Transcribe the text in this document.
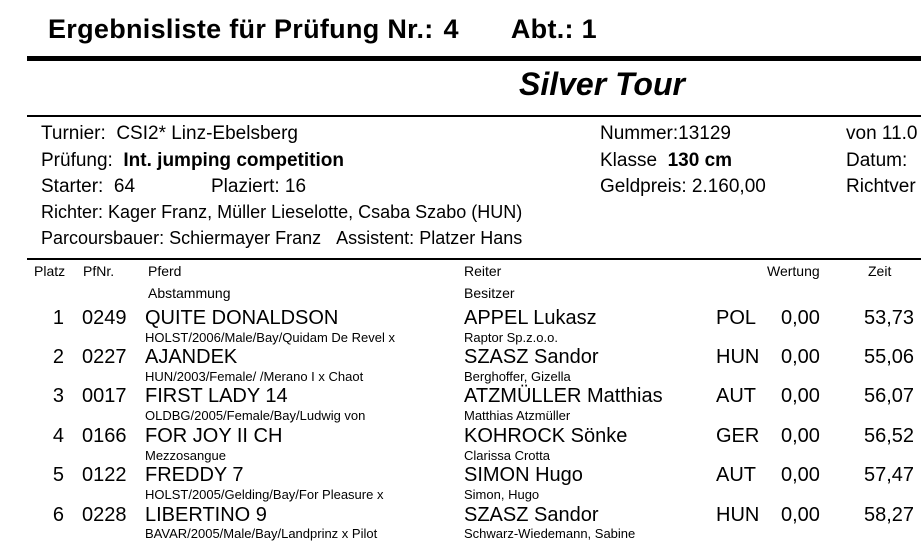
Ergebnisliste für Prüfung Nr.: 4 Abt.: 1
Silver Tour
Turnier: CSI2* Linz-Ebelsberg
Prüfung: Int. jumping competition
Starter: 64	Plaziert: 16
Richter: Kager Franz, Müller Lieselotte, Csaba Szabo (HUN)
Parcoursbauer: Schiermayer Franz Assistent: Platzer Hans
Nummer:13129
Klasse 130 cm
Geldpreis: 2.160,00
von 11.0
Datum:
Richtver
Platz PfNr. Pferd
Abstammung
Reiter
Besitzer
Wertung	Zeit
1 0249 QUITE DONALDSON
HOLST/2006/Male/Bay/Quidam De Revel x
APPEL Lukasz
Raptor Sp.z.o.o.
POL 0,00 53,73
2 0227 AJANDEK
HUN/2003/Female/ /Merano I x Chaot
SZASZ Sandor
Berghoffer, Gizella
HUN 0,00 55,06
3 0017 FIRST LADY 14
OLDBG/2005/Female/Bay/Ludwig von
ATZMÜLLER Matthias
Matthias Atzmüller
AUT 0,00 56,07
4 0166 FOR JOY II CH
Mezzosangue
KOHROCK Sönke
Clarissa Crotta
GER 0,00 56,52
5 0122 FREDDY 7
HOLST/2005/Gelding/Bay/For Pleasure x
SIMON Hugo
Simon, Hugo
AUT 0,00 57,47
6 0228 LIBERTINO 9
BAVAR/2005/Male/Bay/Landprinz x Pilot
SZASZ Sandor
Schwarz-Wiedemann, Sabine
HUN 0,00 58,27
